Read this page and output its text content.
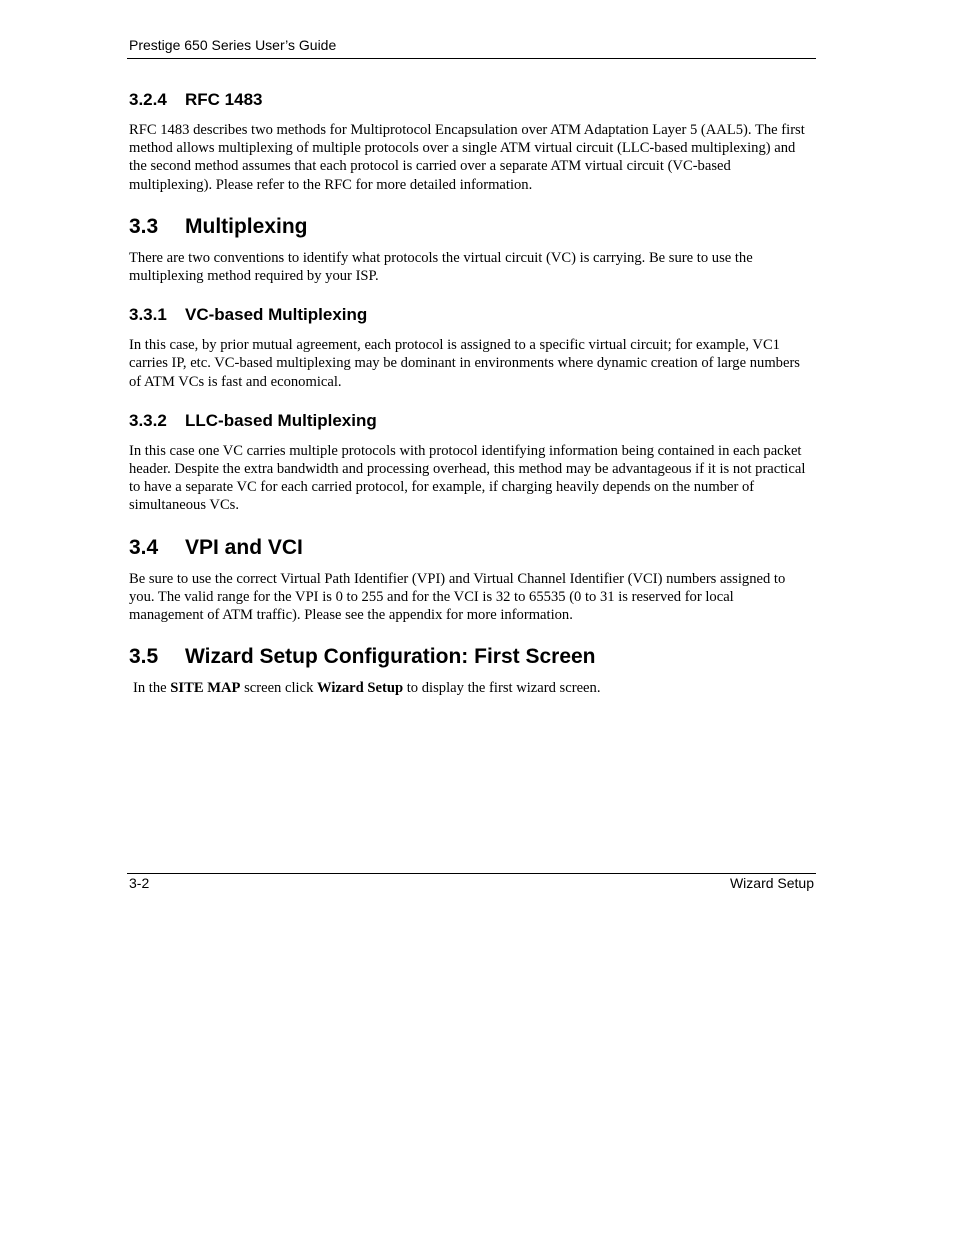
Prestige 650 Series User’s Guide
3.2.4 RFC 1483

RFC 1483 describes two methods for Multiprotocol Encapsulation over ATM Adaptation Layer 5 (AAL5). The first method allows multiplexing of multiple protocols over a single ATM virtual circuit (LLC-based multiplexing) and the second method assumes that each protocol is carried over a separate ATM virtual circuit (VC-based multiplexing). Please refer to the RFC for more detailed information.

3.3 Multiplexing

There are two conventions to identify what protocols the virtual circuit (VC) is carrying. Be sure to use the multiplexing method required by your ISP.

3.3.1 VC-based Multiplexing

In this case, by prior mutual agreement, each protocol is assigned to a specific virtual circuit; for example, VC1 carries IP, etc. VC-based multiplexing may be dominant in environments where dynamic creation of large numbers of ATM VCs is fast and economical.

3.3.2 LLC-based Multiplexing

In this case one VC carries multiple protocols with protocol identifying information being contained in each packet header. Despite the extra bandwidth and processing overhead, this method may be advantageous if it is not practical to have a separate VC for each carried protocol, for example, if charging heavily depends on the number of simultaneous VCs.

3.4 VPI and VCI

Be sure to use the correct Virtual Path Identifier (VPI) and Virtual Channel Identifier (VCI) numbers assigned to you. The valid range for the VPI is 0 to 255 and for the VCI is 32 to 65535 (0 to 31 is reserved for local management of ATM traffic). Please see the appendix for more information.

3.5 Wizard Setup Configuration: First Screen

In the SITE MAP screen click Wizard Setup to display the first wizard screen.

3-2	Wizard Setup
